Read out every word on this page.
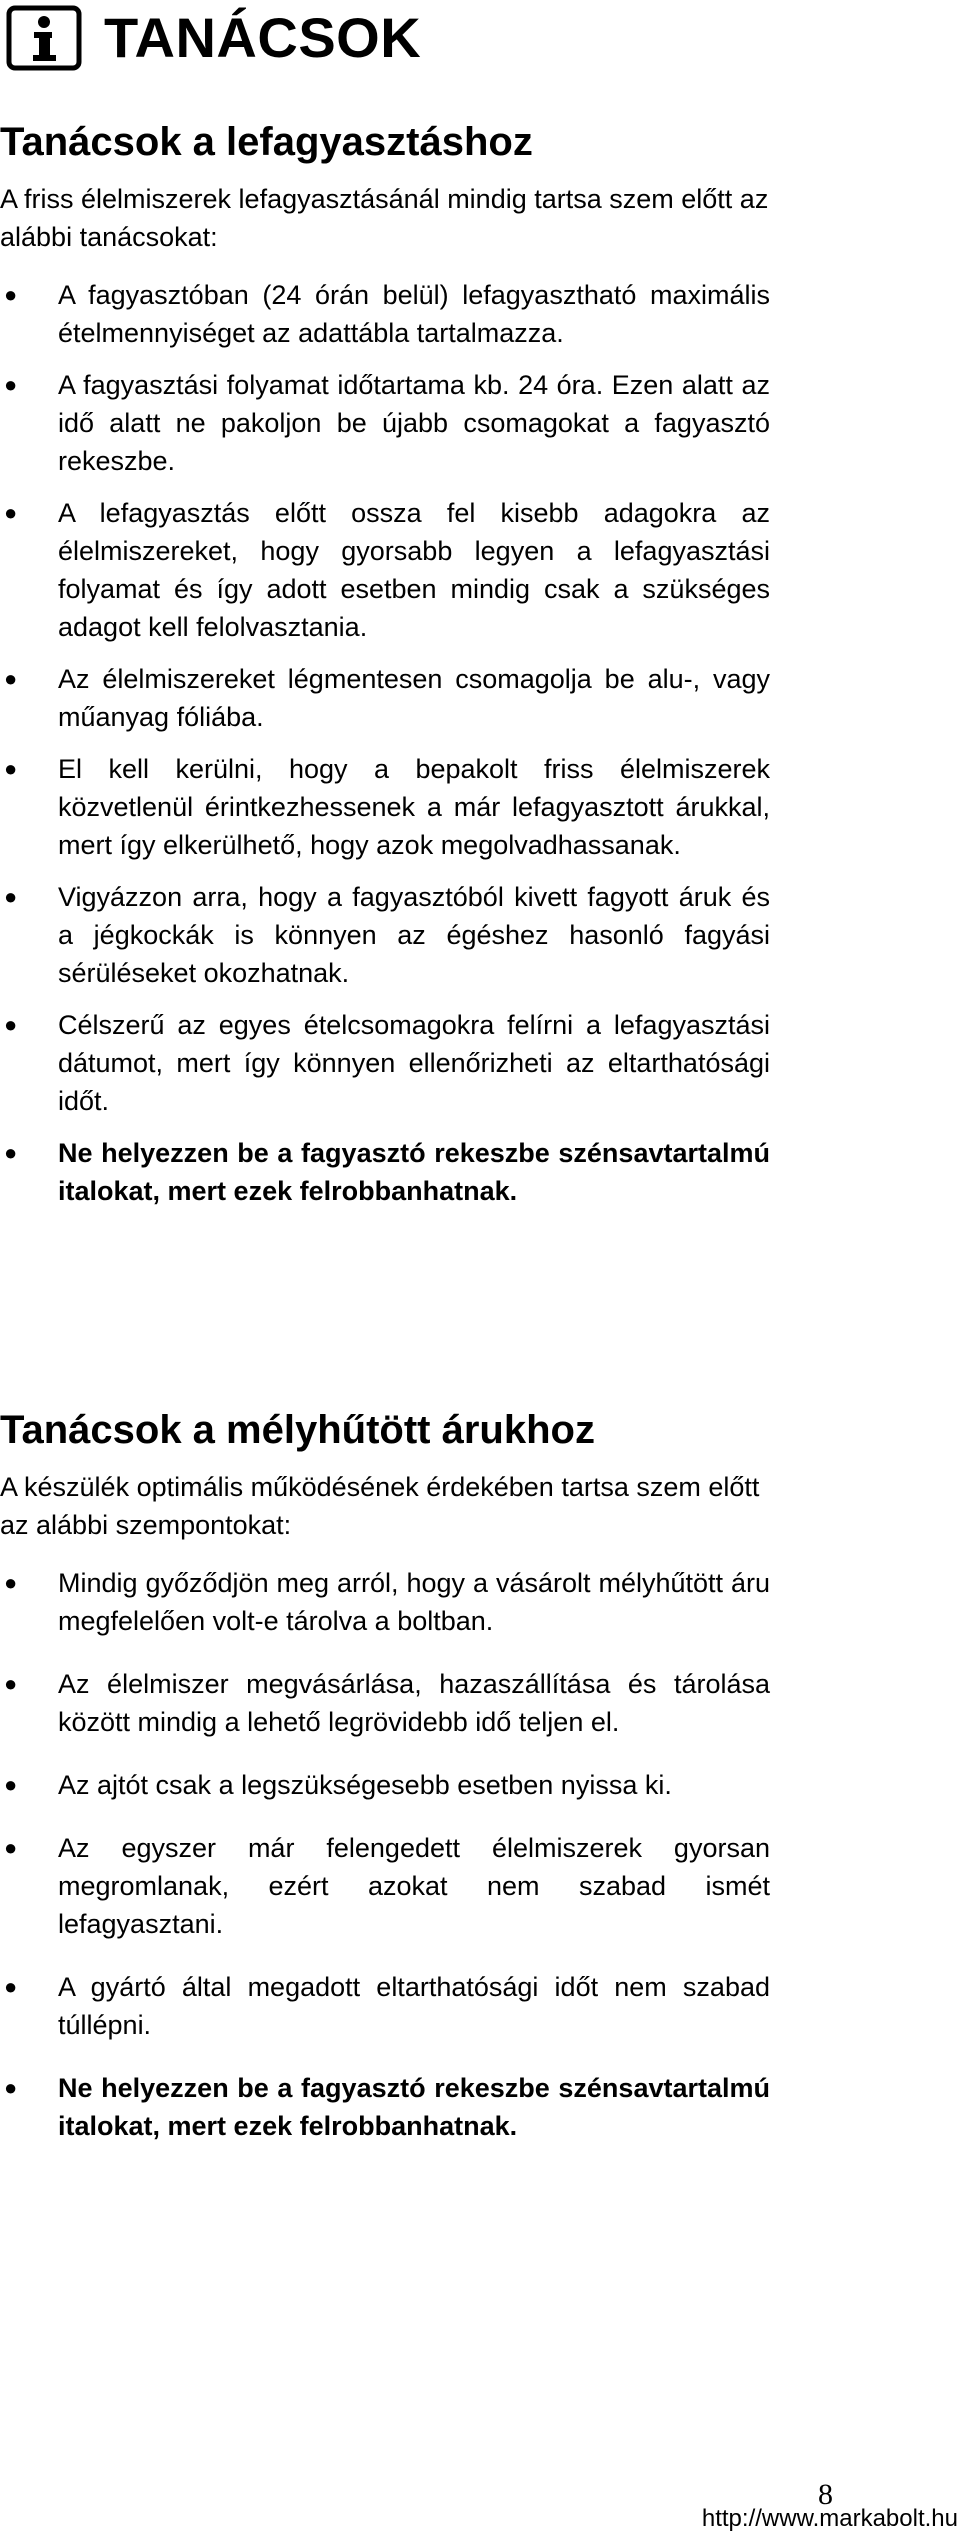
TANÁCSOK
Tanácsok a lefagyasztáshoz

A friss élelmiszerek lefagyasztásánál mindig tartsa szem előtt az alábbi tanácsokat:

● A fagyasztóban (24 órán belül) lefagyasztható maximális ételmennyiséget az adattábla tartalmazza.
● A fagyasztási folyamat időtartama kb. 24 óra. Ezen alatt az idő alatt ne pakoljon be újabb csomagokat a fagyasztó rekeszbe.
● A lefagyasztás előtt ossza fel kisebb adagokra az élelmiszereket, hogy gyorsabb legyen a lefagyasztási folyamat és így adott esetben mindig csak a szükséges adagot kell felolvasztania.
● Az élelmiszereket légmentesen csomagolja be alu-, vagy műanyag fóliába.
● El kell kerülni, hogy a bepakolt friss élelmiszerek közvetlenül érintkezhessenek a már lefagyasztott árukkal, mert így elkerülhető, hogy azok megolvadhassanak.
● Vigyázzon arra, hogy a fagyasztóból kivett fagyott áruk és a jégkockák is könnyen az égéshez hasonló fagyási sérüléseket okozhatnak.
● Célszerű az egyes ételcsomagokra felírni a lefagyasztási dátumot, mert így könnyen ellenőrizheti az eltarthatósági időt.
● Ne helyezzen be a fagyasztó rekeszbe szénsavtartalmú italokat, mert ezek felrobbanhatnak.
Tanácsok a mélyhűtött árukhoz

A készülék optimális működésének érdekében tartsa szem előtt az alábbi szempontokat:

● Mindig győződjön meg arról, hogy a vásárolt mélyhűtött áru megfelelően volt-e tárolva a boltban.
● Az élelmiszer megvásárlása, hazaszállítása és tárolása között mindig a lehető legrövidebb idő teljen el.
● Az ajtót csak a legszükségesebb esetben nyissa ki.
● Az egyszer már felengedett élelmiszerek gyorsan megromlanak, ezért azokat nem szabad ismét lefagyasztani.
● A gyártó által megadott eltarthatósági időt nem szabad túllépni.
● Ne helyezzen be a fagyasztó rekeszbe szénsavtartalmú italokat, mert ezek felrobbanhatnak.
8
http://www.markabolt.hu
